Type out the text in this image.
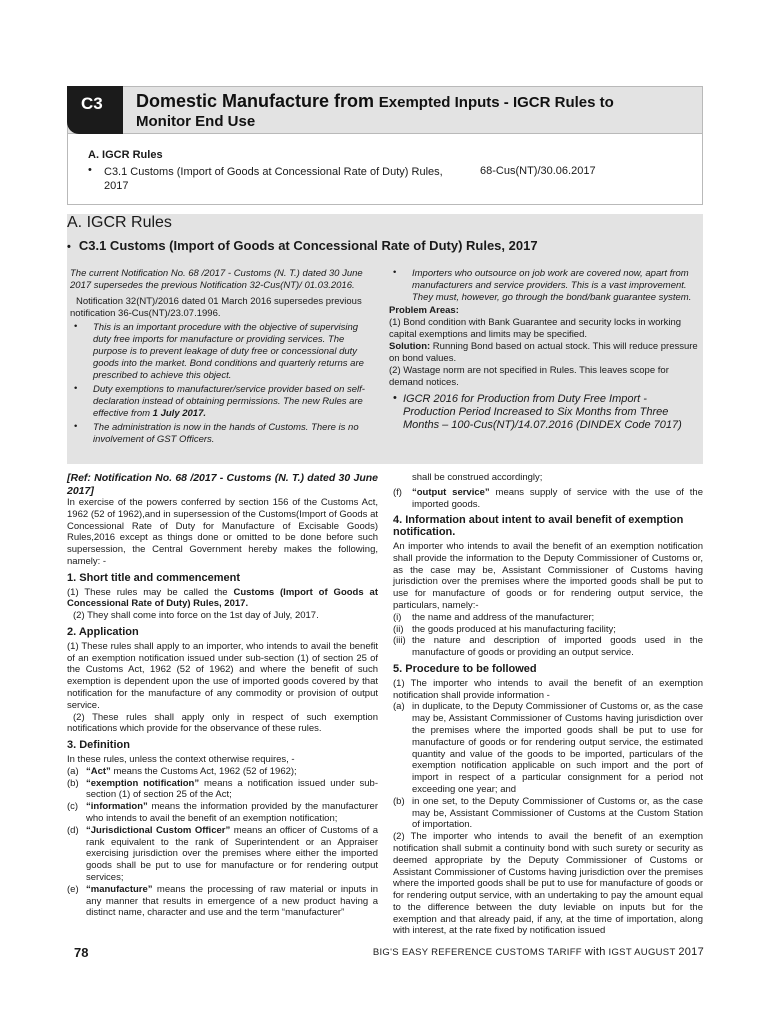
C3	Domestic Manufacture from Exempted Inputs - IGCR Rules to
Monitor End Use
A. IGCR Rules
• C3.1 Customs (Import of Goods at Concessional Rate of Duty) Rules, 2017
68-Cus(NT)/30.06.2017
A. IGCR Rules
• C3.1 Customs (Import of Goods at Concessional Rate of Duty) Rules, 2017

The current Notification No. 68 /2017 - Customs (N. T.) dated 30 June 2017 supersedes the previous Notification 32-Cus(NT)/ 01.03.2016.

Notification 32(NT)/2016 dated 01 March 2016 supersedes previous notification 36-Cus(NT)/23.07.1996.

• This is an important procedure with the objective of supervising duty free imports for manufacture or providing services. The purpose is to prevent leakage of duty free or concessional duty goods into the market. Bond conditions and quarterly returns are prescribed to achieve this object.

• Duty exemptions to manufacturer/service provider based on self-declaration instead of obtaining permissions. The new Rules are effective from 1 July 2017.

• The administration is now in the hands of Customs. There is no involvement of GST Officers.

• Importers who outsource on job work are covered now, apart from manufacturers and service providers. This is a vast improvement. They must, however, go through the bond/bank guarantee system.

Problem Areas:

(1) Bond condition with Bank Guarantee and security locks in working capital exemptions and limits may be specified.

Solution: Running Bond based on actual stock. This will reduce pressure on bond values.

(2) Wastage norm are not specified in Rules. This leaves scope for demand notices.

• IGCR 2016 for Production from Duty Free Import - Production Period Increased to Six Months from Three Months – 100-Cus(NT)/14.07.2016 (DINDEX Code 7017)

[Ref: Notification No. 68 /2017 - Customs (N. T.) dated 30 June 2017]

In exercise of the powers conferred by section 156 of the Customs Act, 1962 (52 of 1962),and in supersession of the Customs(Import of Goods at Concessional Rate of Duty for Manufacture of Excisable Goods) Rules,2016 except as things done or omitted to be done before such supersession, the Central Government hereby makes the following, namely: -

1. Short title and commencement

(1) These rules may be called the Customs (Import of Goods at Concessional Rate of Duty) Rules, 2017.

(2) They shall come into force on the 1st day of July, 2017.

2. Application

(1) These rules shall apply to an importer, who intends to avail the benefit of an exemption notification issued under sub-section (1) of section 25 of the Customs Act, 1962 (52 of 1962) and where the benefit of such exemption is dependent upon the use of imported goods covered by that notification for the manufacture of any commodity or provision of output service.

(2) These rules shall apply only in respect of such exemption notifications which provide for the observance of these rules.

3. Definition

In these rules, unless the context otherwise requires, -

(a) “Act” means the Customs Act, 1962 (52 of 1962);
(b) “exemption notification” means a notification issued under sub-section (1) of section 25 of the Act;
(c) “information” means the information provided by the manufacturer who intends to avail the benefit of an exemption notification;
(d) “Jurisdictional Custom Officer” means an officer of Customs of a rank equivalent to the rank of Superintendent or an Appraiser exercising jurisdiction over the premises where either the imported goods shall be put to use for manufacture or for rendering output services;
(e) “manufacture” means the processing of raw material or inputs in any manner that results in emergence of a new product having a distinct name, character and use and the term “manufacturer”

shall be construed accordingly;

(f) “output service” means supply of service with the use of the imported goods.
4. Information about intent to avail benefit of exemption notification.

An importer who intends to avail the benefit of an exemption notification shall provide the information to the Deputy Commissioner of Customs or, as the case may be, Assistant Commissioner of Customs having jurisdiction over the premises where the imported goods shall be put to use for manufacture of goods or for rendering output service, the particulars, namely:-

(i) the name and address of the manufacturer;
(ii) the goods produced at his manufacturing facility;
(iii) the nature and description of imported goods used in the manufacture of goods or providing an output service.
5. Procedure to be followed

(1) The importer who intends to avail the benefit of an exemption notification shall provide information -

(a) in duplicate, to the Deputy Commissioner of Customs or, as the case may be, Assistant Commissioner of Customs having jurisdiction over the premises where the imported goods shall be put to use for manufacture of goods or for rendering output service, the estimated quantity and value of the goods to be imported, particulars of the exemption notification applicable on such import and the port of import in respect of a particular consignment for a period not exceeding one year; and
(b) in one set, to the Deputy Commissioner of Customs or, as the case may be, Assistant Commissioner of Customs at the Custom Station of importation.

(2) The importer who intends to avail the benefit of an exemption notification shall submit a continuity bond with such surety or security as deemed appropriate by the Deputy Commissioner of Customs or Assistant Commissioner of Customs having jurisdiction over the premises where the imported goods shall be put to use for manufacture of goods or for rendering output service, with an undertaking to pay the amount equal to the difference between the duty leviable on inputs but for the exemption and that already paid, if any, at the time of importation, along with interest, at the rate fixed by notification issued

78	BIG'S EASY REFERENCE CUSTOMS TARIFF with IGST AUGUST 2017
